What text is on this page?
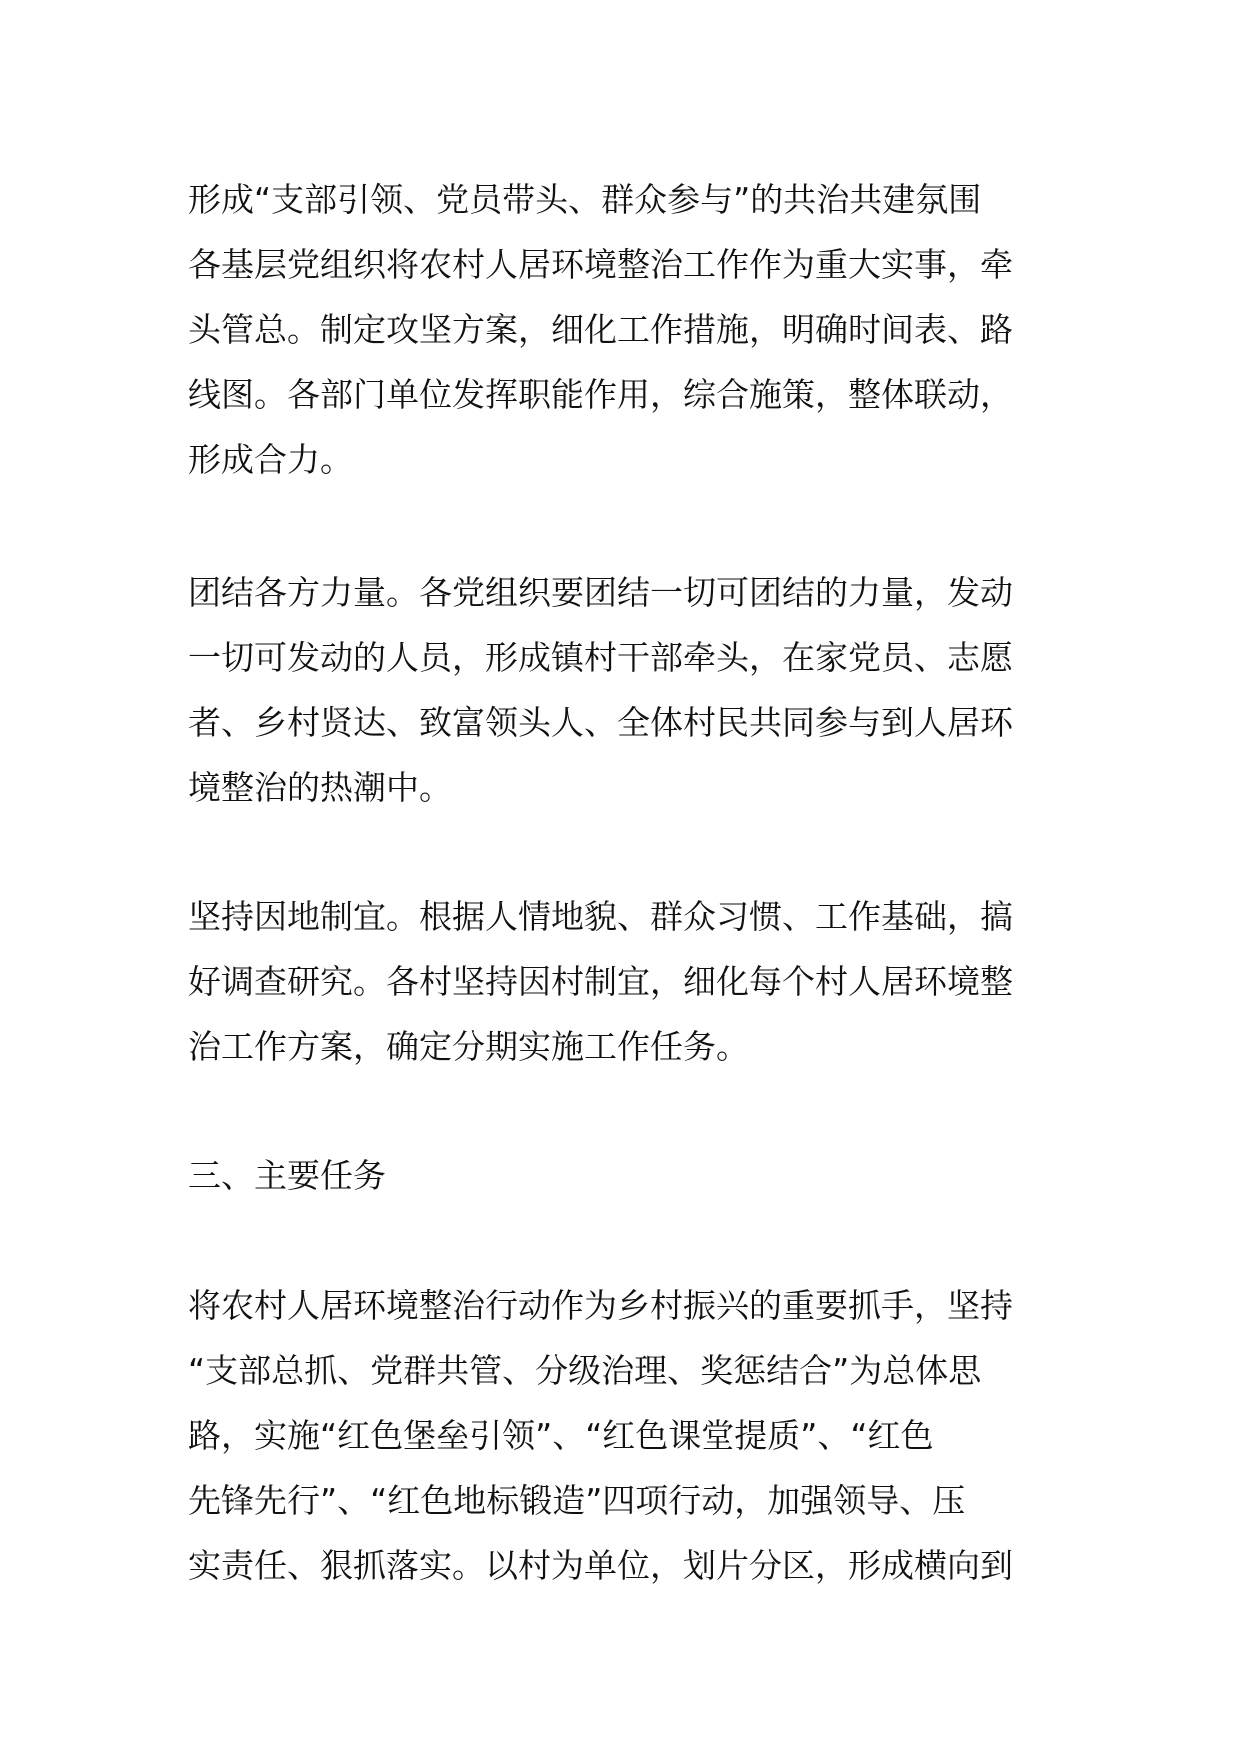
形成“支部引领、党员带头、群众参与”的共治共建氛围
各基层党组织将农村人居环境整治工作作为重大实事，牵
头管总。制定攻坚方案，细化工作措施，明确时间表、路
线图。各部门单位发挥职能作用，综合施策，整体联动，
形成合力。
团结各方力量。各党组织要团结一切可团结的力量，发动
一切可发动的人员，形成镇村干部牵头，在家党员、志愿
者、乡村贤达、致富领头人、全体村民共同参与到人居环
境整治的热潮中。
坚持因地制宜。根据人情地貌、群众习惯、工作基础，搞
好调查研究。各村坚持因村制宜，细化每个村人居环境整
治工作方案，确定分期实施工作任务。
三、主要任务
将农村人居环境整治行动作为乡村振兴的重要抓手，坚持
“支部总抓、党群共管、分级治理、奖惩结合”为总体思
路，实施“红色堡垒引领”、“红色课堂提质”、“红色
先锋先行”、“红色地标锻造”四项行动，加强领导、压
实责任、狠抓落实。以村为单位，划片分区，形成横向到
